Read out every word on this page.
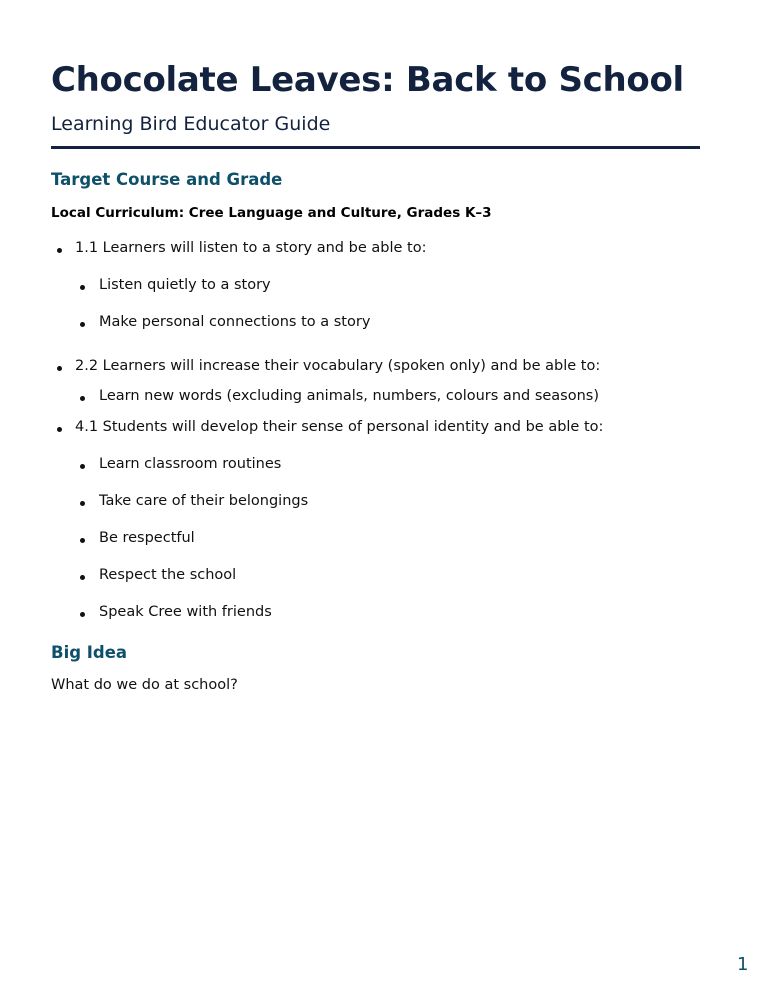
Chocolate Leaves: Back to School
Learning Bird Educator Guide
Target Course and Grade
Local Curriculum: Cree Language and Culture, Grades K–3
1.1 Learners will listen to a story and be able to:
Listen quietly to a story
Make personal connections to a story
2.2 Learners will increase their vocabulary (spoken only) and be able to:
Learn new words (excluding animals, numbers, colours and seasons)
4.1 Students will develop their sense of personal identity and be able to:
Learn classroom routines
Take care of their belongings
Be respectful
Respect the school
Speak Cree with friends
Big Idea
What do we do at school?
1
